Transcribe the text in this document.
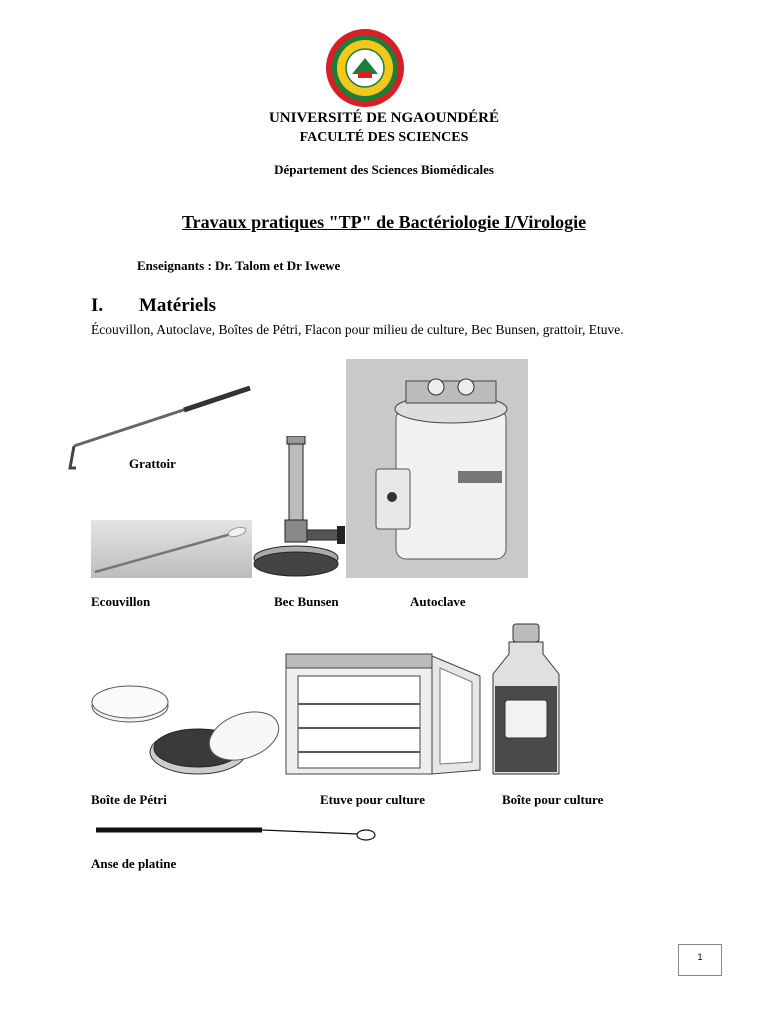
UNIVERSITÉ DE NGAOUNDÉRÉ
FACULTÉ DES SCIENCES
Département des Sciences Biomédicales
Travaux pratiques "TP" de Bactériologie I/Virologie
Enseignants : Dr. Talom et Dr Iwewe
I. Matériels
Écouvillon, Autoclave, Boîtes de Pétri, Flacon pour milieu de culture, Bec Bunsen, grattoir, Etuve.
Grattoir
Ecouvillon	Bec Bunsen	Autoclave
Boîte de Pétri	Etuve pour culture	Boîte pour culture
Anse de platine
1
